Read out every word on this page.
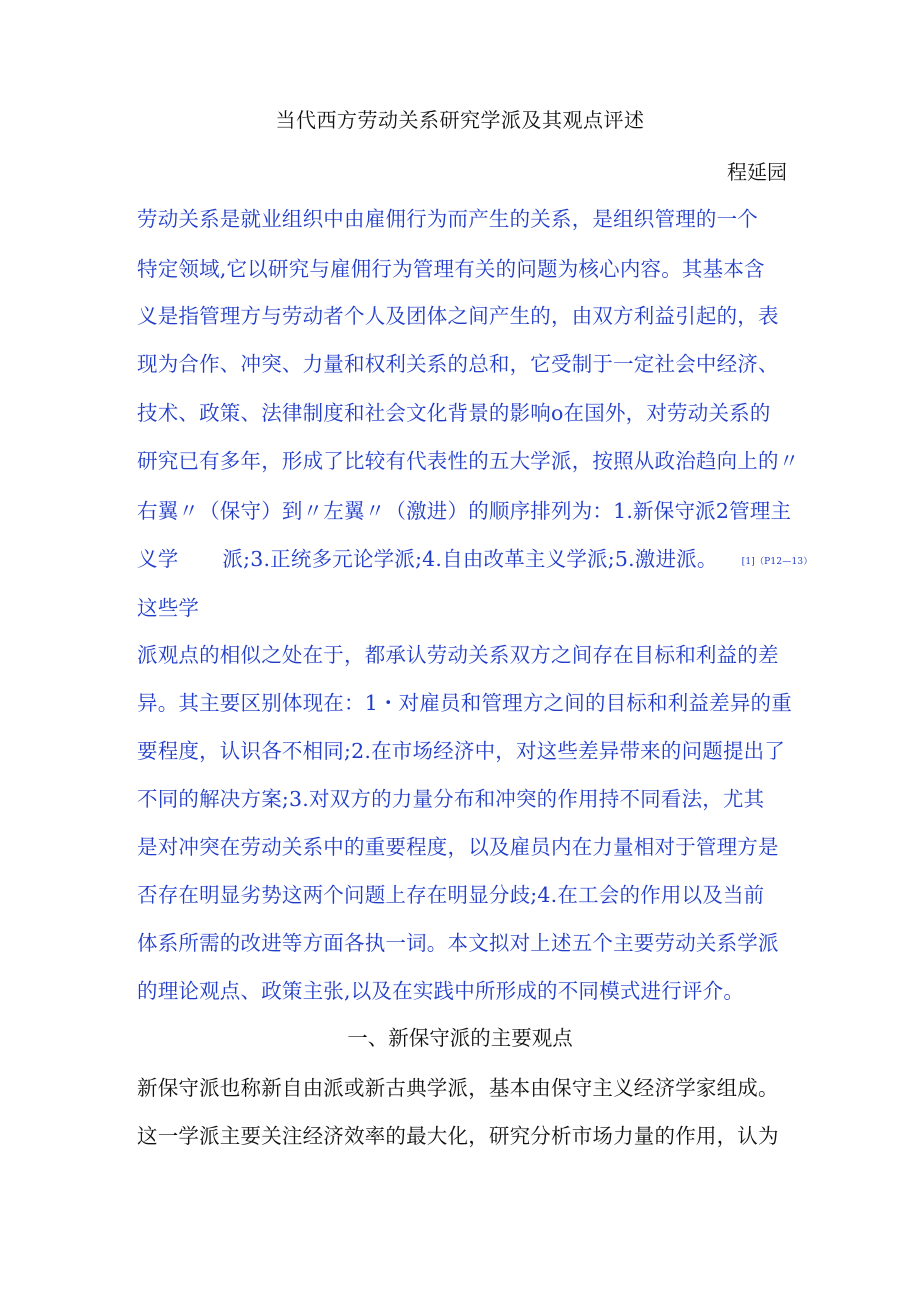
当代西方劳动关系研究学派及其观点评述
程延园
劳动关系是就业组织中由雇佣行为而产生的关系，是组织管理的一个
特定领域,它以研究与雇佣行为管理有关的问题为核心内容。其基本含
义是指管理方与劳动者个人及团体之间产生的，由双方利益引起的，表
现为合作、冲突、力量和权利关系的总和，它受制于一定社会中经济、
技术、政策、法律制度和社会文化背景的影响o在国外，对劳动关系的
研究已有多年，形成了比较有代表性的五大学派，按照从政治趋向上的〃
右翼〃（保守）到〃左翼〃（激进）的顺序排列为：1.新保守派2管理主
义学 派;3.正统多元论学派;4.自由改革主义学派;5.激进派。	[1]（P12—13）
这些学
派观点的相似之处在于，都承认劳动关系双方之间存在目标和利益的差
异。其主要区别体现在：1・对雇员和管理方之间的目标和利益差异的重
要程度，认识各不相同;2.在市场经济中，对这些差异带来的问题提出了
不同的解决方案;3.对双方的力量分布和冲突的作用持不同看法，尤其
是对冲突在劳动关系中的重要程度，以及雇员内在力量相对于管理方是
否存在明显劣势这两个问题上存在明显分歧;4.在工会的作用以及当前
体系所需的改进等方面各执一词。本文拟对上述五个主要劳动关系学派
的理论观点、政策主张,以及在实践中所形成的不同模式进行评介。
一、新保守派的主要观点
新保守派也称新自由派或新古典学派，基本由保守主义经济学家组成。
这一学派主要关注经济效率的最大化，研究分析市场力量的作用，认为
